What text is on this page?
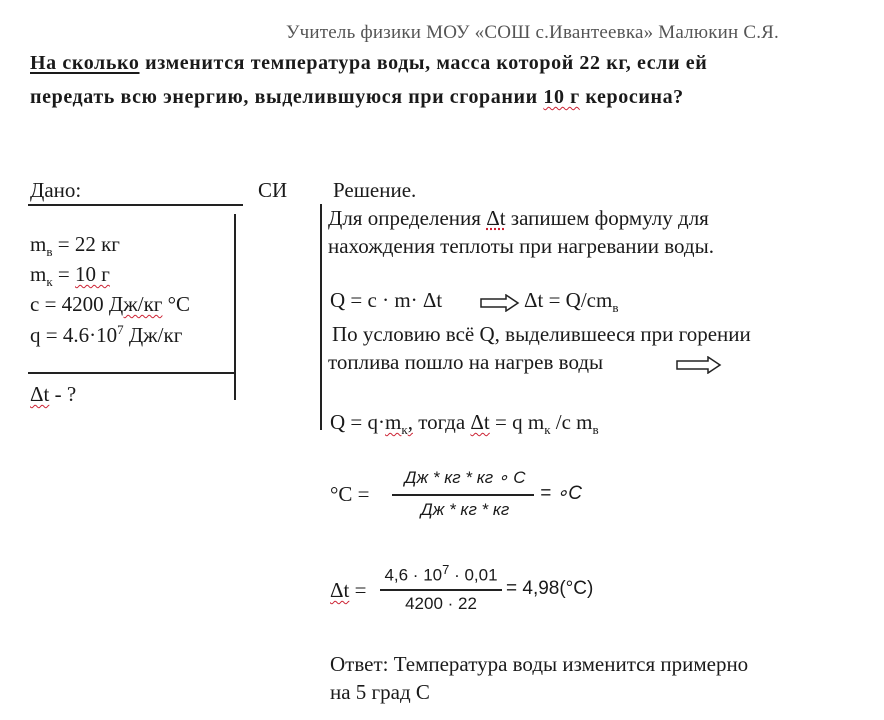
Учитель физики МОУ «СОШ с.Ивантеевка» Малюкин С.Я.
На сколько изменится температура воды, масса которой 22 кг, если ей
передать всю энергию, выделившуюся при сгорании 10 г керосина?
Дано:
$m_в = 22$ кг
$m_к = 10$ г
c = 4200 Дж/кг °C
$q = 4.6\cdot 10^7$ Дж/кг
Δt - ?
СИ Решение.
Для определения Δt запишем формулу для
нахождения теплоты при нагревании воды.
Q = c · m· Δt	$\Delta t = Q/cm_в$
По условию всё Q, выделившееся при горении
топлива пошло на нагрев воды
$Q = q\cdot m_к$, тогда Δt = q $m_к$ /c $m_в$
°C =
Дж * кг * кг ∘ C
Дж * кг * кг
= ∘C
Δt =
$4,6 \cdot 10^7 \cdot 0,01$
4200 · 22
= 4,98(°C)
Ответ: Температура воды изменится примерно
на 5 град С
